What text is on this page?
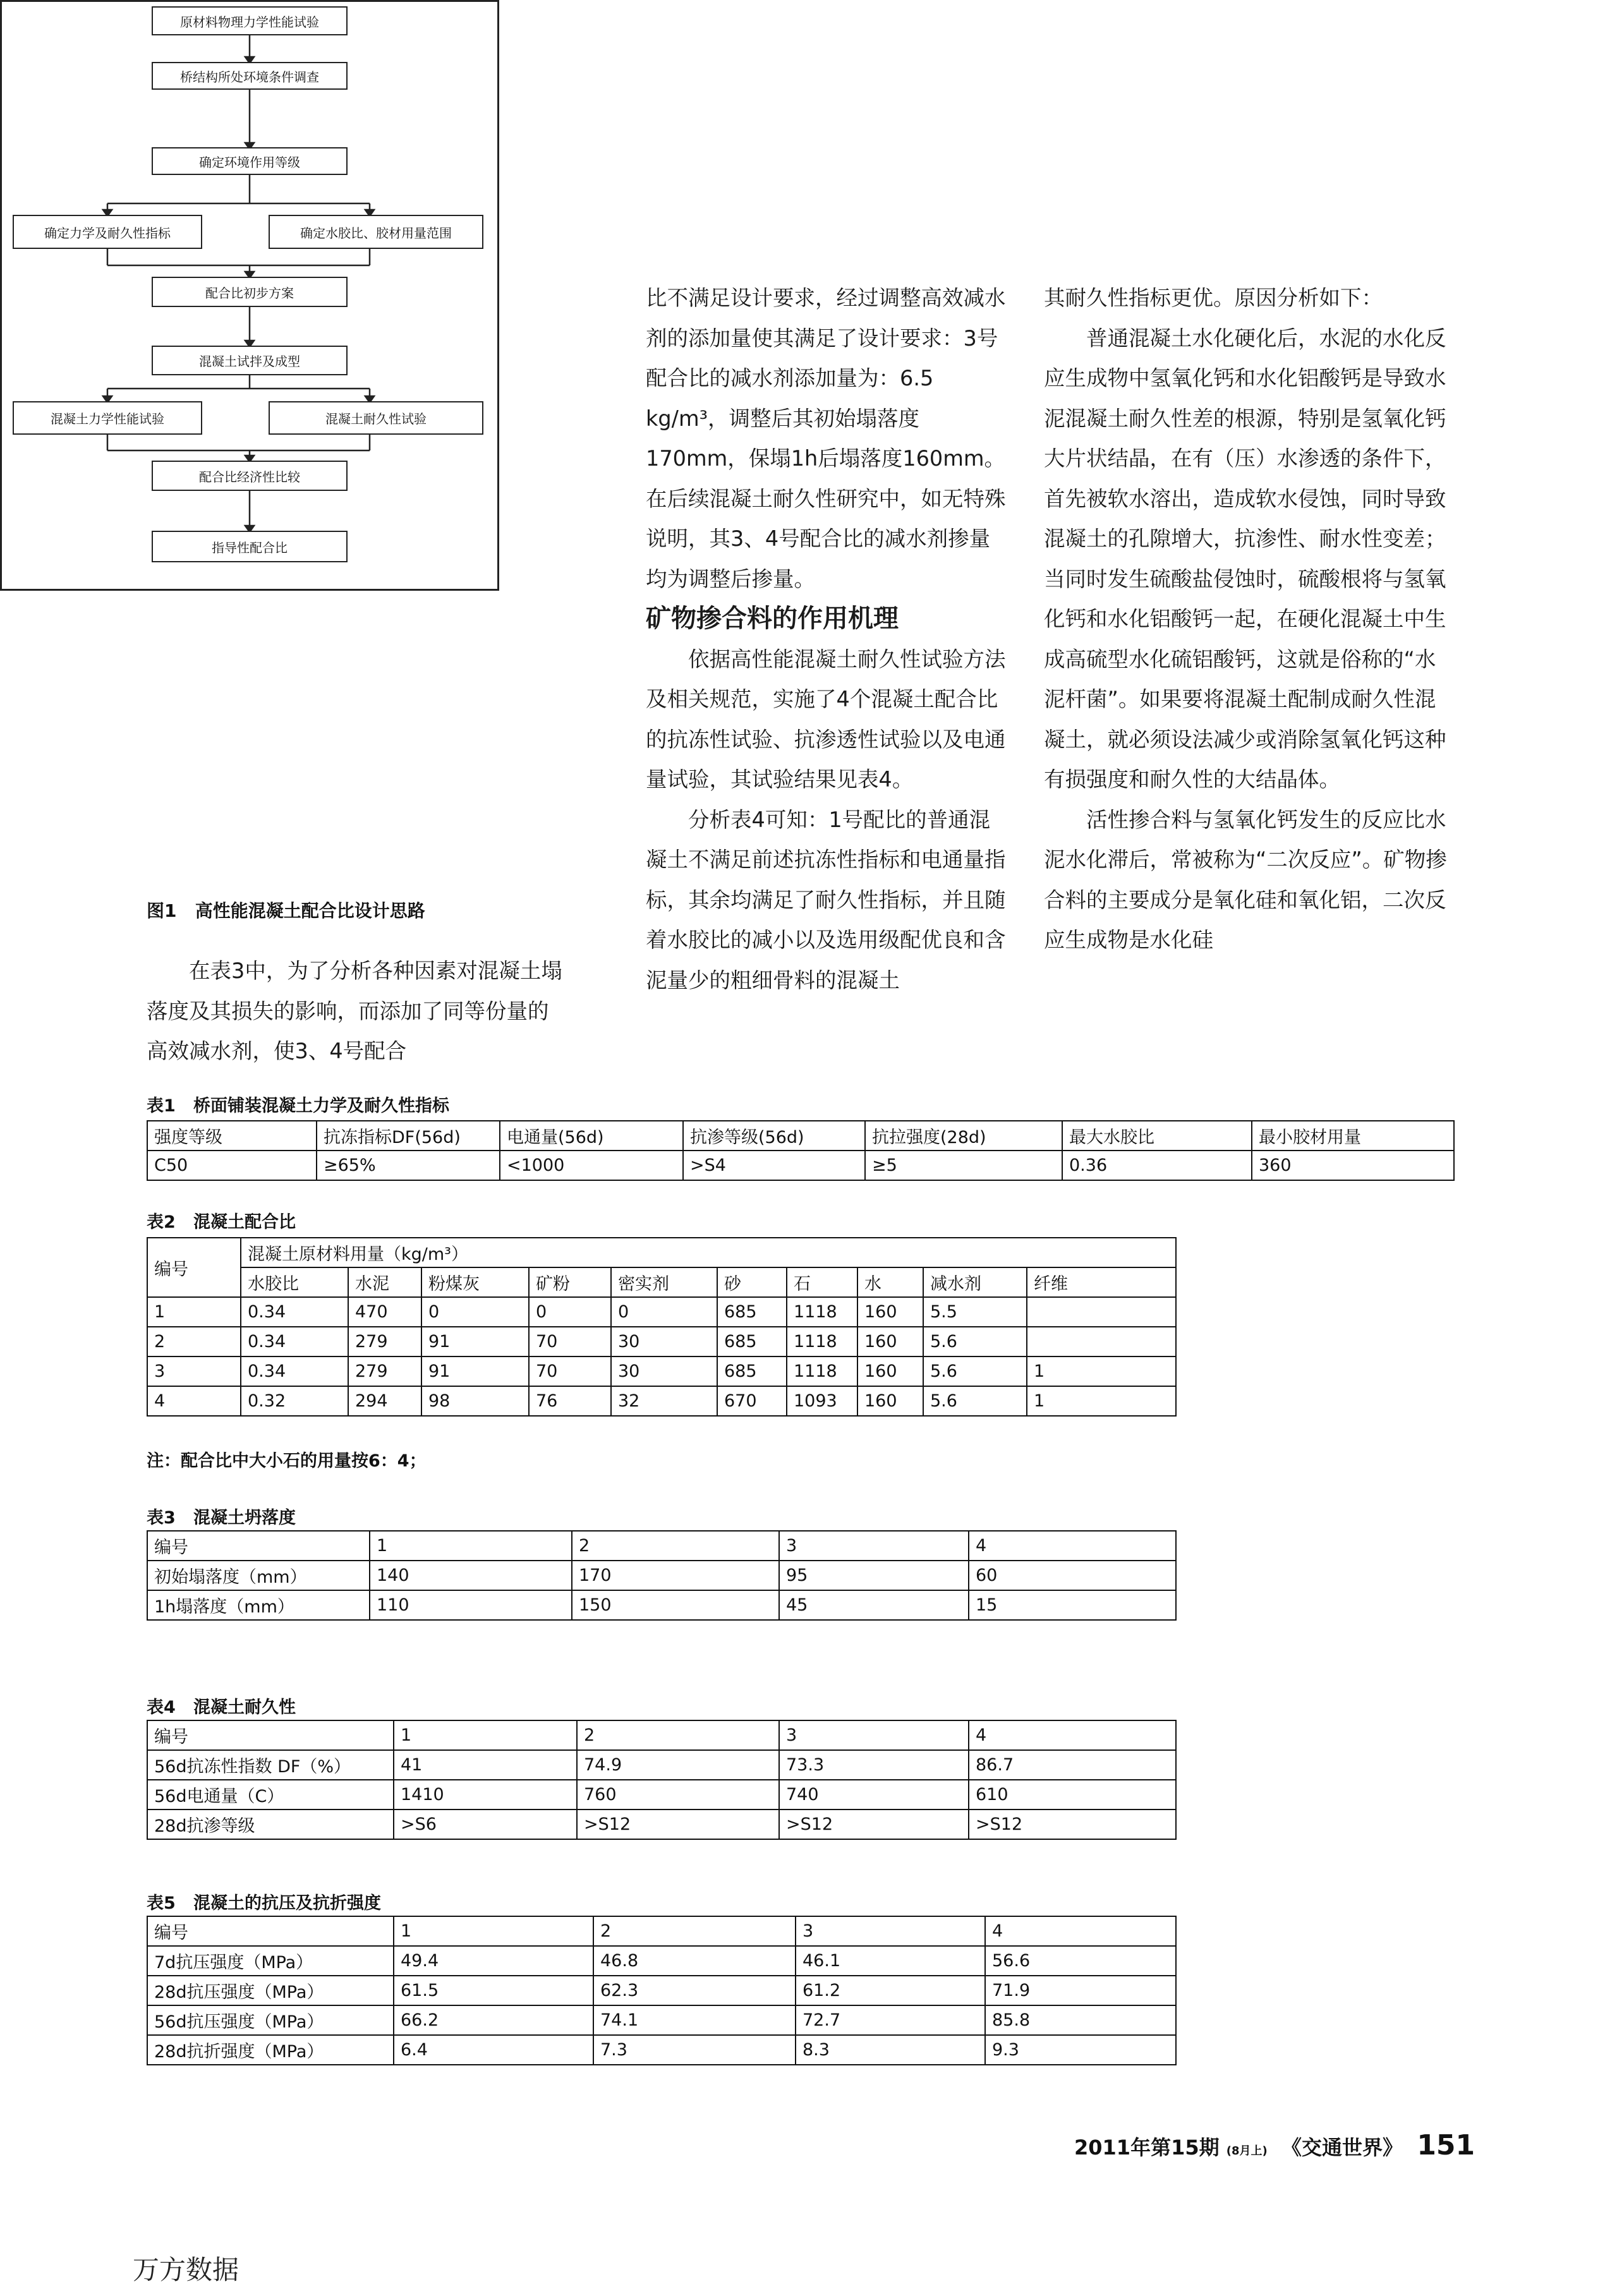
原材料物理力学性能试验
桥结构所处环境条件调查
确定环境作用等级
确定力学及耐久性指标	确定水胶比、胶材用量范围
配合比初步方案
混凝土试拌及成型
混凝土力学性能试验	混凝土耐久性试验
配合比经济性比较
指导性配合比
图1 高性能混凝土配合比设计思路

在表3中，为了分析各种因素对混凝土塌落度及其损失的影响，而添加了同等份量的高效减水剂，使3、4号配合

比不满足设计要求，经过调整高效减水剂的添加量使其满足了设计要求：3号配合比的减水剂添加量为：6.5 kg/m³，调整后其初始塌落度170mm，保塌1h后塌落度160mm。在后续混凝土耐久性研究中，如无特殊说明，其3、4号配合比的减水剂掺量均为调整后掺量。

矿物掺合料的作用机理

依据高性能混凝土耐久性试验方法及相关规范，实施了4个混凝土配合比的抗冻性试验、抗渗透性试验以及电通量试验，其试验结果见表4。

分析表4可知：1号配比的普通混凝土不满足前述抗冻性指标和电通量指标，其余均满足了耐久性指标，并且随着水胶比的减小以及选用级配优良和含泥量少的粗细骨料的混凝土

其耐久性指标更优。原因分析如下：

普通混凝土水化硬化后，水泥的水化反应生成物中氢氧化钙和水化铝酸钙是导致水泥混凝土耐久性差的根源，特别是氢氧化钙大片状结晶，在有（压）水渗透的条件下，首先被软水溶出，造成软水侵蚀，同时导致混凝土的孔隙增大，抗渗性、耐水性变差；当同时发生硫酸盐侵蚀时，硫酸根将与氢氧化钙和水化铝酸钙一起，在硬化混凝土中生成高硫型水化硫铝酸钙，这就是俗称的“水泥杆菌”。如果要将混凝土配制成耐久性混凝土，就必须设法减少或消除氢氧化钙这种有损强度和耐久性的大结晶体。

活性掺合料与氢氧化钙发生的反应比水泥水化滞后，常被称为“二次反应”。矿物掺合料的主要成分是氧化硅和氧化铝，二次反应生成物是水化硅

表1 桥面铺装混凝土力学及耐久性指标
强度等级	抗冻指标DF(56d)	电通量(56d)	抗渗等级(56d)	抗拉强度(28d)	最大水胶比	最小胶材用量
C50	≥65%	<1000	>S4	≥5	0.36	360
表2 混凝土配合比
编号	混凝土原材料用量（kg/m³）									
	水胶比	水泥	粉煤灰	矿粉	密实剂	砂	石	水	减水剂	纤维
1	0.34	470	0	0	0	685	1118	160	5.5	
2	0.34	279	91	70	30	685	1118	160	5.6	
3	0.34	279	91	70	30	685	1118	160	5.6	1
4	0.32	294	98	76	32	670	1093	160	5.6	1
注：配合比中大小石的用量按6：4；
表3 混凝土坍落度
编号	1	2	3	4
初始塌落度（mm）	140	170	95	60
1h塌落度（mm）	110	150	45	15
表4 混凝土耐久性
编号	1	2	3	4
56d抗冻性指数 DF（%）	41	74.9	73.3	86.7
56d电通量（C）	1410	760	740	610
28d抗渗等级	>S6	>S12	>S12	>S12
表5 混凝土的抗压及抗折强度
编号	1	2	3	4
7d抗压强度（MPa）	49.4	46.8	46.1	56.6
28d抗压强度（MPa）	61.5	62.3	61.2	71.9
56d抗压强度（MPa）	66.2	74.1	72.7	85.8
28d抗折强度（MPa）	6.4	7.3	8.3	9.3
2011年第15期 (8月上) 《交通世界》 151
万方数据
